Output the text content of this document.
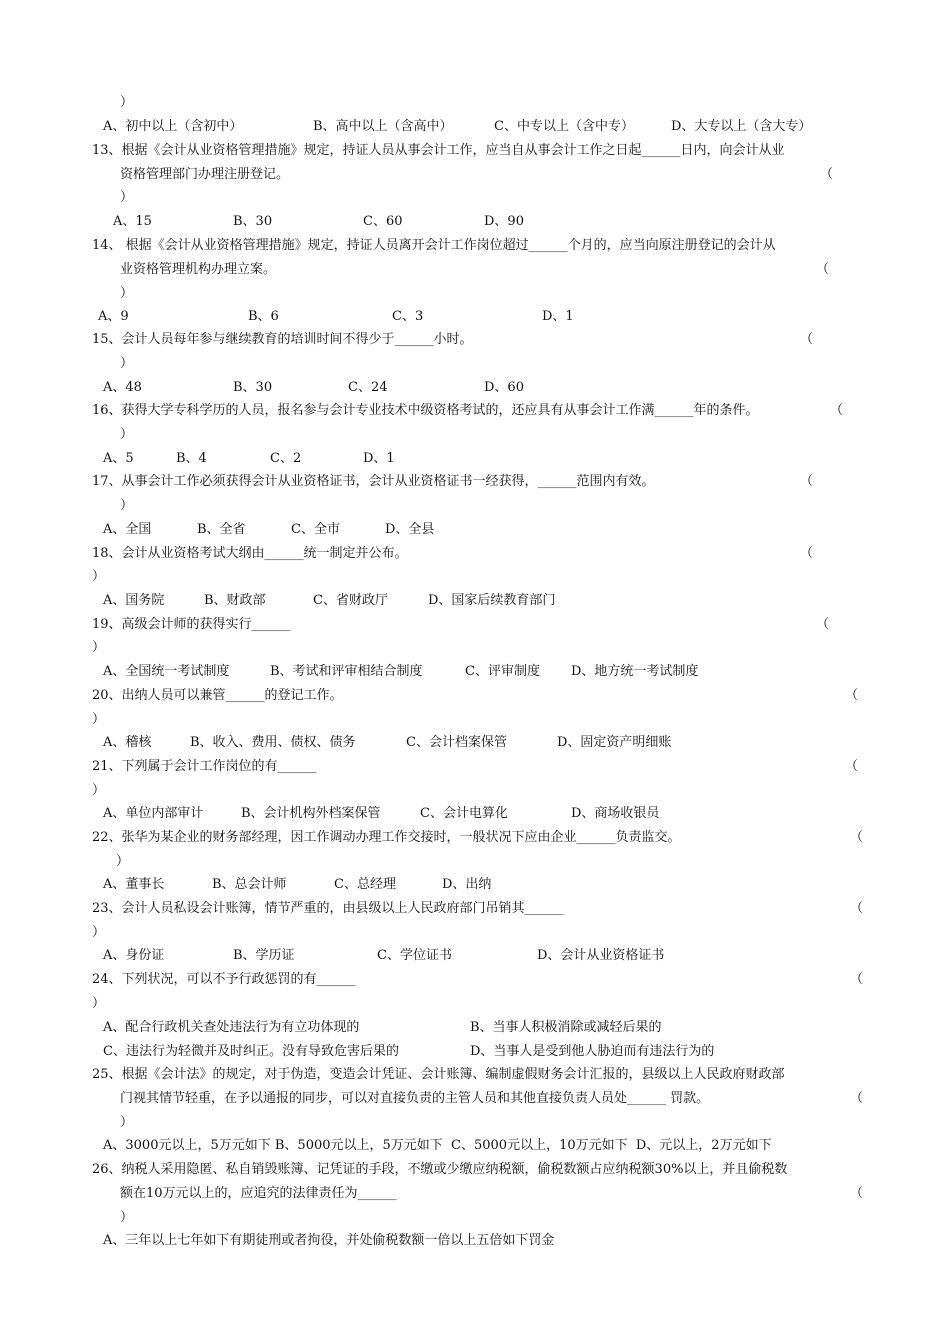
）
A、初中以上（含初中）	B、高中以上（含高中）	C、中专以上（含中专）	D、大专以上（含大专）
13、根据《会计从业资格管理措施》规定，持证人员从事会计工作，应当自从事会计工作之日起______日内，向会计从业
资格管理部门办理注册登记。	（
）
A、15	B、30	C、60	D、90
14、 根据《会计从业资格管理措施》规定，持证人员离开会计工作岗位超过______个月的，应当向原注册登记的会计从
业资格管理机构办理立案。	（
）
A、9	B、6	C、3	D、1
15、会计人员每年参与继续教育的培训时间不得少于______小时。	（
）
A、48	B、30	C、24	D、60
16、获得大学专科学历的人员，报名参与会计专业技术中级资格考试的，还应具有从事会计工作满______年的条件。	（
）
A、5	B、4	C、2	D、1
17、从事会计工作必须获得会计从业资格证书，会计从业资格证书一经获得，______范围内有效。	（
）
A、全国	B、全省	C、全市	D、全县
18、会计从业资格考试大纲由______统一制定并公布。	（
）
A、国务院	B、财政部	C、省财政厅	D、国家后续教育部门
19、高级会计师的获得实行______	（
）
A、全国统一考试制度	B、考试和评审相结合制度	C、评审制度 D、地方统一考试制度
20、出纳人员可以兼管______的登记工作。	（
）
A、稽核	B、收入、费用、债权、债务	C、会计档案保管	D、固定资产明细账
21、下列属于会计工作岗位的有______	（
）
A、单位内部审计	B、会计机构外档案保管	C、会计电算化	D、商场收银员
22、张华为某企业的财务部经理，因工作调动办理工作交接时，一般状况下应由企业______负责监交。	（
）
A、董事长	B、总会计师	C、总经理	D、出纳
23、会计人员私设会计账簿，情节严重的，由县级以上人民政府部门吊销其______	（
）
A、身份证	B、学历证	C、学位证书	D、会计从业资格证书
24、下列状况，可以不予行政惩罚的有______	（
）
A、配合行政机关查处违法行为有立功体现的	B、当事人积极消除或减轻后果的
C、违法行为轻微并及时纠正。没有导致危害后果的	D、当事人是受到他人胁迫而有违法行为的
25、根据《会计法》的规定，对于伪造，变造会计凭证、会计账簿、编制虚假财务会计汇报的，县级以上人民政府财政部
门视其情节轻重，在予以通报的同步，可以对直接负责的主管人员和其他直接负责人员处______ 罚款。	（
）
A、3000元以上，5万元如下 B、5000元以上，5万元如下  C、5000元以上，10万元如下  D、元以上，2万元如下
26、纳税人采用隐匿、私自销毁账簿、记凭证的手段，不缴或少缴应纳税额，偷税数额占应纳税额30%以上，并且偷税数
额在10万元以上的，应追究的法律责任为______	（
）
A、三年以上七年如下有期徒刑或者拘役，并处偷税数额一倍以上五倍如下罚金
